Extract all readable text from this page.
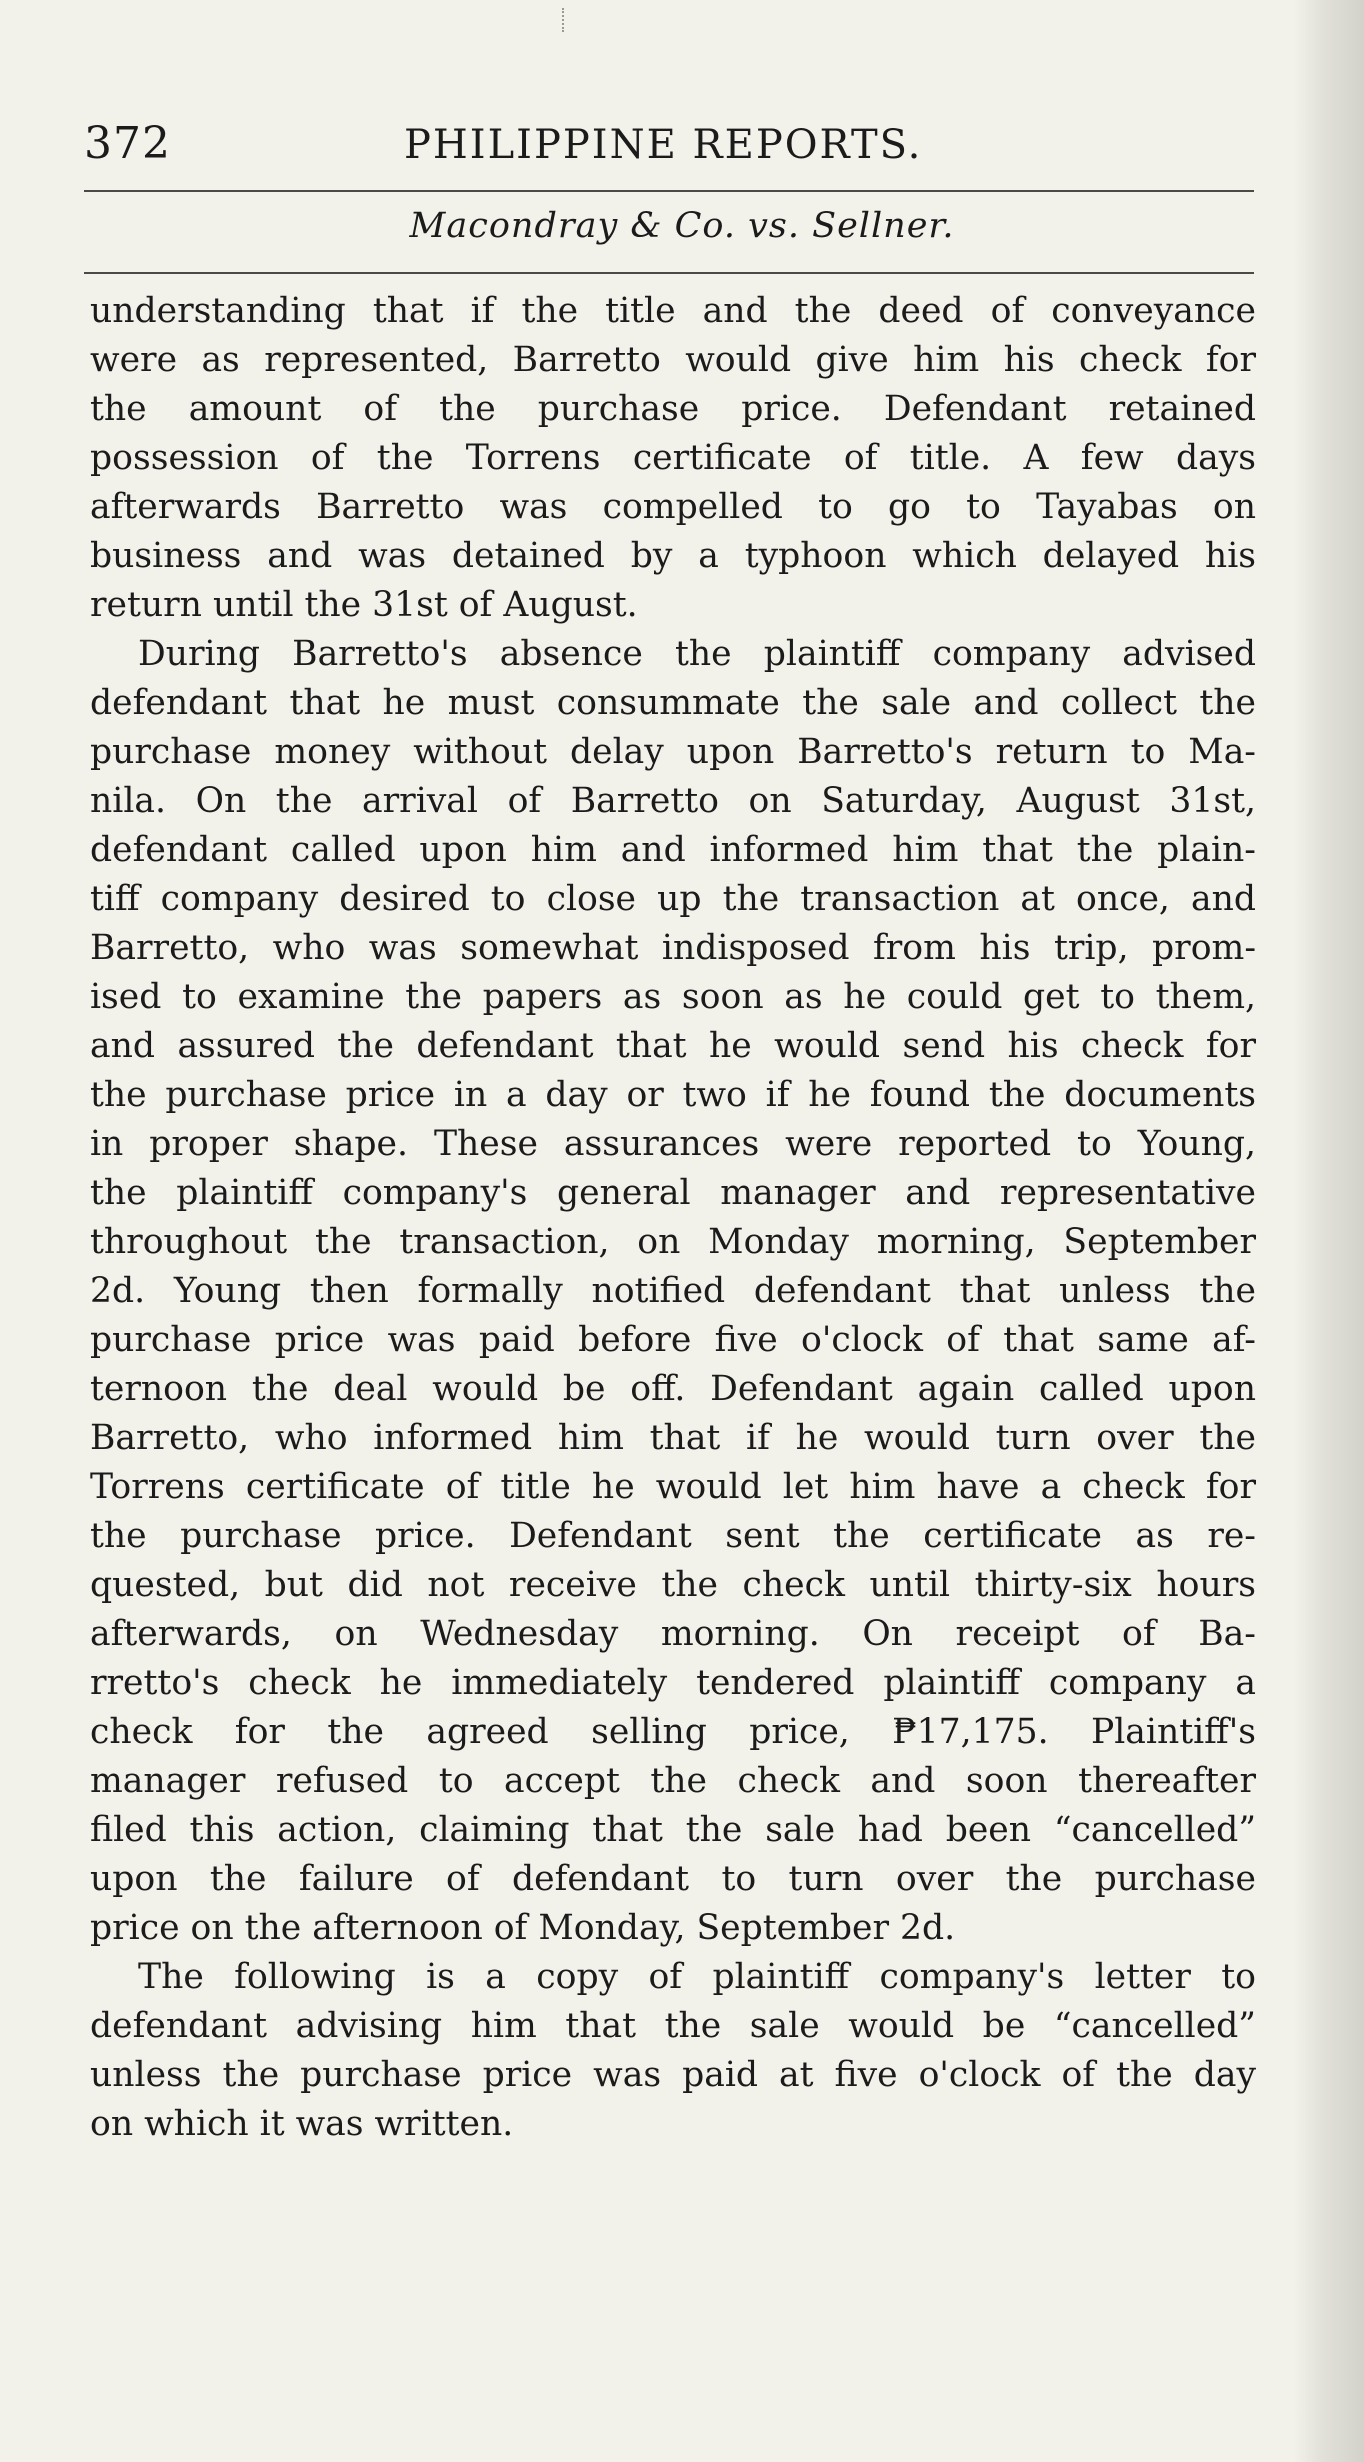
372	PHILIPPINE REPORTS.
Macondray & Co. vs. Sellner.
understanding that if the title and the deed of conveyance
were as represented, Barretto would give him his check for
the amount of the purchase price. Defendant retained
possession of the Torrens certificate of title. A few days
afterwards Barretto was compelled to go to Tayabas on
business and was detained by a typhoon which delayed his
return until the 31st of August.
During Barretto's absence the plaintiff company advised
defendant that he must consummate the sale and collect the
purchase money without delay upon Barretto's return to Ma-
nila. On the arrival of Barretto on Saturday, August 31st,
defendant called upon him and informed him that the plain-
tiff company desired to close up the transaction at once, and
Barretto, who was somewhat indisposed from his trip, prom-
ised to examine the papers as soon as he could get to them,
and assured the defendant that he would send his check for
the purchase price in a day or two if he found the documents
in proper shape. These assurances were reported to Young,
the plaintiff company's general manager and representative
throughout the transaction, on Monday morning, September
2d. Young then formally notified defendant that unless the
purchase price was paid before five o'clock of that same af-
ternoon the deal would be off. Defendant again called upon
Barretto, who informed him that if he would turn over the
Torrens certificate of title he would let him have a check for
the purchase price. Defendant sent the certificate as re-
quested, but did not receive the check until thirty-six hours
afterwards, on Wednesday morning. On receipt of Ba-
rretto's check he immediately tendered plaintiff company a
check for the agreed selling price, ₱17,175. Plaintiff's
manager refused to accept the check and soon thereafter
filed this action, claiming that the sale had been “cancelled”
upon the failure of defendant to turn over the purchase
price on the afternoon of Monday, September 2d.
The following is a copy of plaintiff company's letter to
defendant advising him that the sale would be “cancelled”
unless the purchase price was paid at five o'clock of the day
on which it was written.
